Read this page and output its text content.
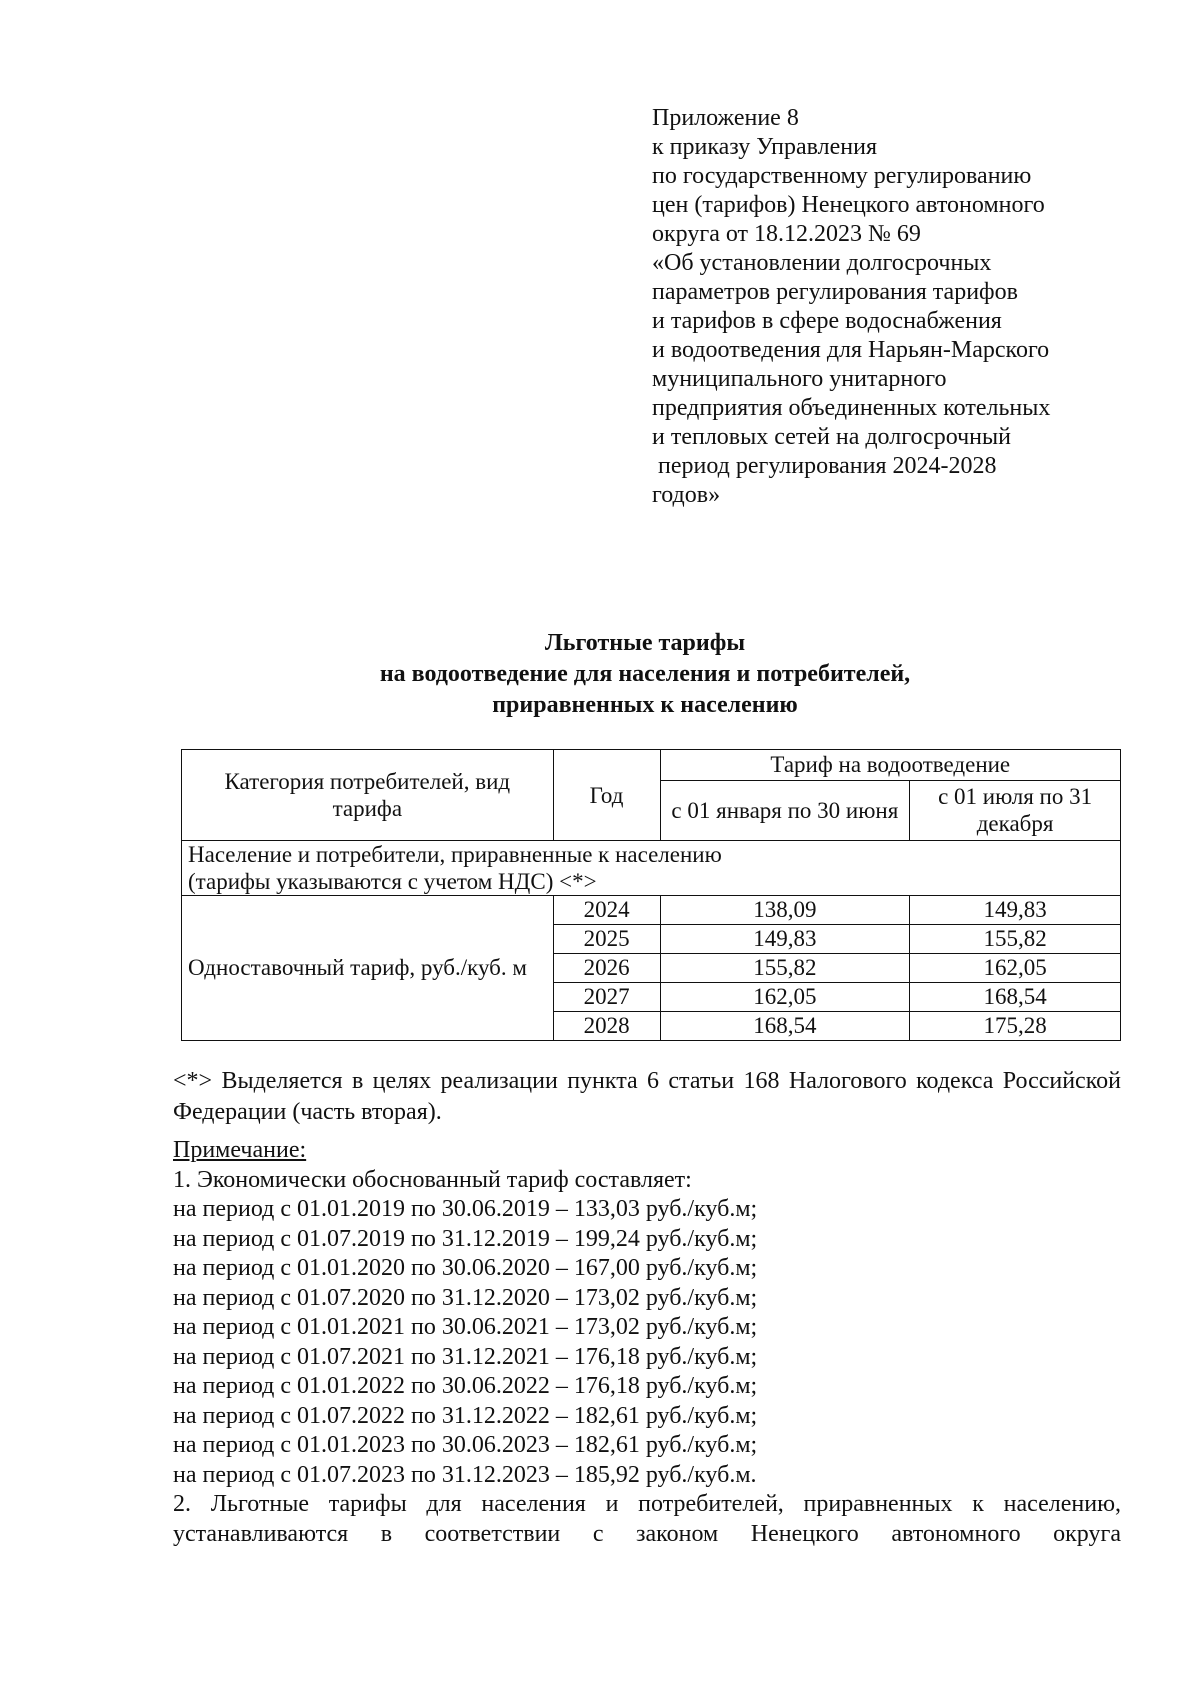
Приложение 8
к приказу Управления
по государственному регулированию
цен (тарифов) Ненецкого автономного
округа от 18.12.2023 № 69
«Об установлении долгосрочных
параметров регулирования тарифов
и тарифов в сфере водоснабжения
и водоотведения для Нарьян-Марского
муниципального унитарного
предприятия объединенных котельных
и тепловых сетей на долгосрочный
период регулирования 2024-2028
годов»
Льготные тарифы
на водоотведение для населения и потребителей,
приравненных к населению
Категория потребителей, вид тарифа	Год	Тариф на водоотведение	
		с 01 января по 30 июня	с 01 июля по 31 декабря

Население и потребители, приравненные к населению
(тарифы указываются с учетом НДС) <*>			

Одноставочный тариф, руб./куб. м	2024	138,09	149,83
	2025	149,83	155,82
	2026	155,82	162,05
	2027	162,05	168,54
	2028	168,54	175,28
<*> Выделяется в целях реализации пункта 6 статьи 168 Налогового кодекса Российской Федерации (часть вторая).
Примечание:
1. Экономически обоснованный тариф составляет:
на период с 01.01.2019 по 30.06.2019 – 133,03 руб./куб.м;
на период с 01.07.2019 по 31.12.2019 – 199,24 руб./куб.м;
на период с 01.01.2020 по 30.06.2020 – 167,00 руб./куб.м;
на период с 01.07.2020 по 31.12.2020 – 173,02 руб./куб.м;
на период с 01.01.2021 по 30.06.2021 – 173,02 руб./куб.м;
на период с 01.07.2021 по 31.12.2021 – 176,18 руб./куб.м;
на период с 01.01.2022 по 30.06.2022 – 176,18 руб./куб.м;
на период с 01.07.2022 по 31.12.2022 – 182,61 руб./куб.м;
на период с 01.01.2023 по 30.06.2023 – 182,61 руб./куб.м;
на период с 01.07.2023 по 31.12.2023 – 185,92 руб./куб.м.
2. Льготные тарифы для населения и потребителей, приравненных к населению,
устанавливаются в соответствии с законом Ненецкого автономного округа
